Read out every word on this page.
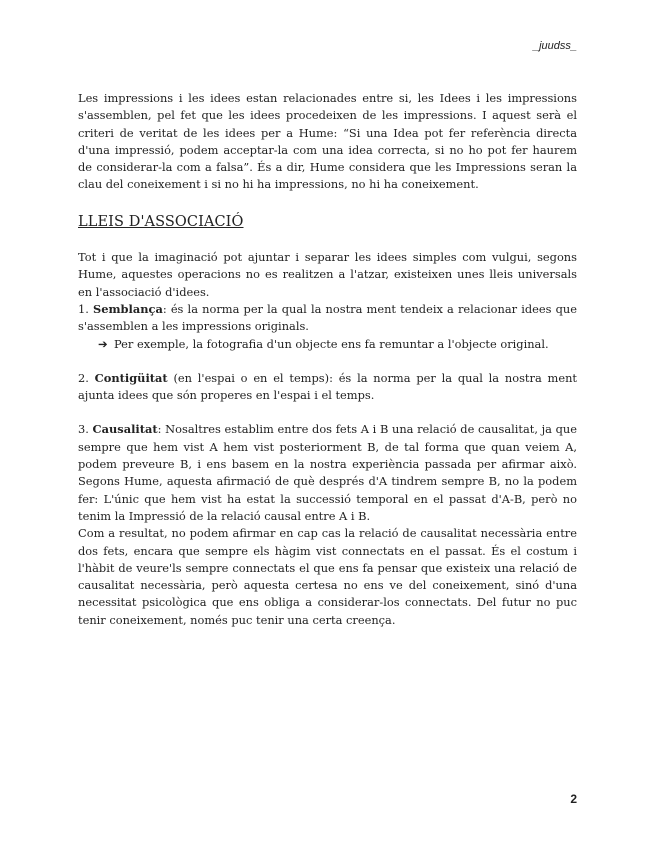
_juudss_

Les impressions i les idees estan relacionades entre si, les Idees i les impressions s'assemblen, pel fet que les idees procedeixen de les impressions. I aquest serà el criteri de veritat de les idees per a Hume: “Si una Idea pot fer referència directa d'una impressió, podem acceptar-la com una idea correcta, si no ho pot fer haurem de considerar-la com a falsa”. És a dir, Hume considera que les Impressions seran la clau del coneixement i si no hi ha impressions, no hi ha coneixement.

LLEIS D'ASSOCIACIÓ

Tot i que la imaginació pot ajuntar i separar les idees simples com vulgui, segons Hume, aquestes operacions no es realitzen a l'atzar, existeixen unes lleis universals en l'associació d'idees.

1. Semblança: és la norma per la qual la nostra ment tendeix a relacionar idees que s'assemblen a les impressions originals.

➔ Per exemple, la fotografia d'un objecte ens fa remuntar a l'objecte original.

2. Contigüitat (en l'espai o en el temps): és la norma per la qual la nostra ment ajunta idees que són properes en l'espai i el temps.

3. Causalitat: Nosaltres establim entre dos fets A i B una relació de causalitat, ja que sempre que hem vist A hem vist posteriorment B, de tal forma que quan veiem A, podem preveure B, i ens basem en la nostra experiència passada per afirmar això. Segons Hume, aquesta afirmació de què després d'A tindrem sempre B, no la podem fer: L'únic que hem vist ha estat la successió temporal en el passat d'A-B, però no tenim la Impressió de la relació causal entre A i B.

Com a resultat, no podem afirmar en cap cas la relació de causalitat necessària entre dos fets, encara que sempre els hàgim vist connectats en el passat. És el costum i l'hàbit de veure'ls sempre connectats el que ens fa pensar que existeix una relació de causalitat necessària, però aquesta certesa no ens ve del coneixement, sinó d'una necessitat psicològica que ens obliga a considerar-los connectats. Del futur no puc tenir coneixement, només puc tenir una certa creença.

2
